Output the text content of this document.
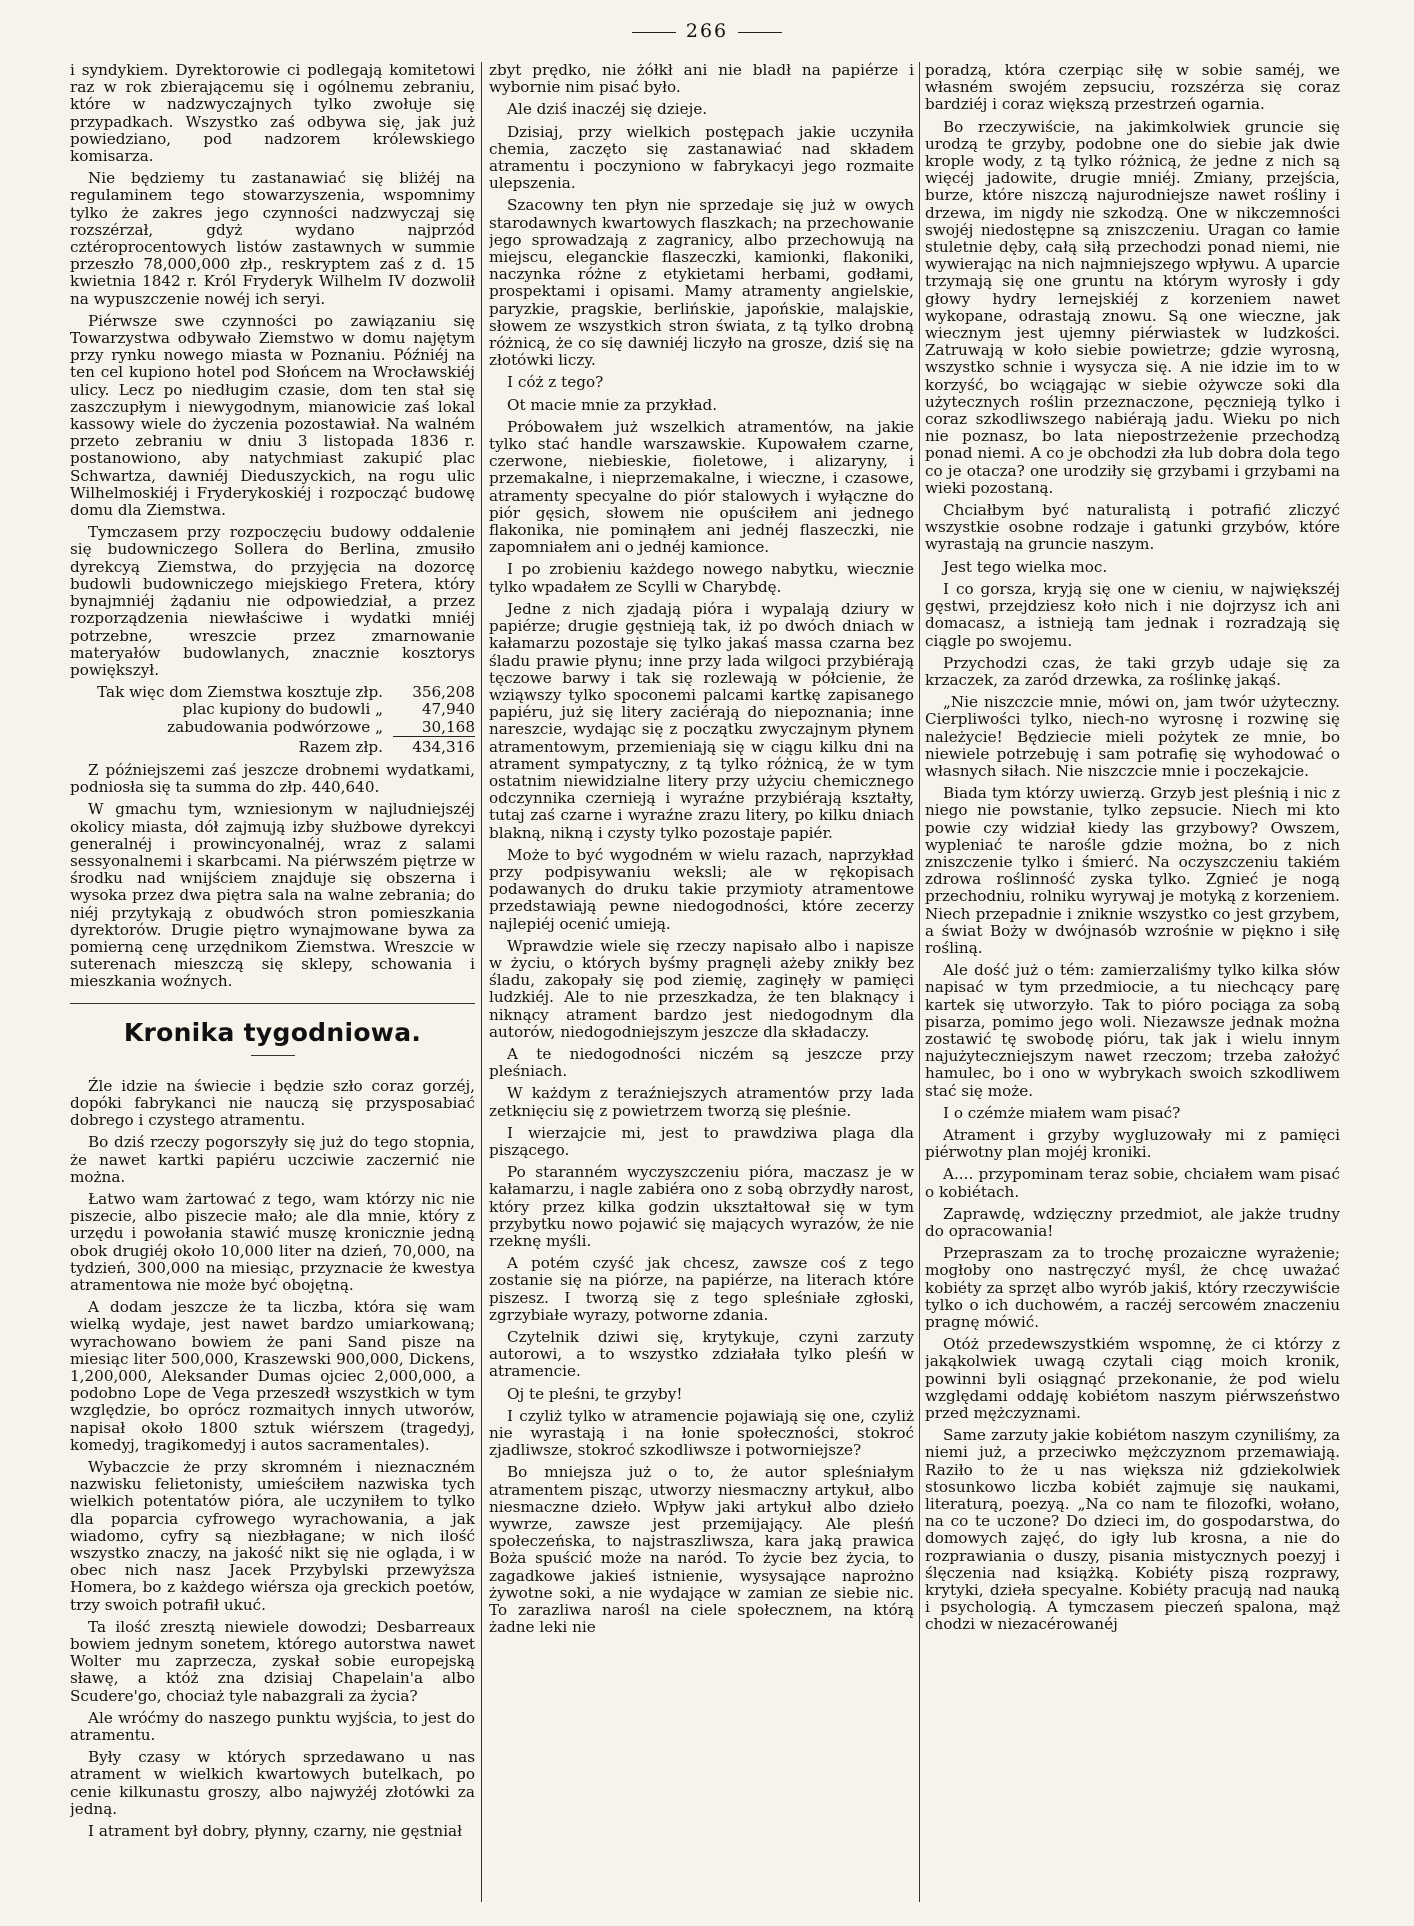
266

i syndykiem. Dyrektorowie ci podlegają komitetowi raz w rok zbierającemu się i ogólnemu zebraniu, które w nadzwyczajnych tylko zwołuje się przypadkach. Wszystko zaś odbywa się, jak już powiedziano, pod nadzorem królewskiego komisarza.

Nie będziemy tu zastanawiać się bliżéj na regulaminem tego stowarzyszenia, wspomnimy tylko że zakres jego czynności nadzwyczaj się rozszérzał, gdyż wydano najprzód cztéroprocentowych listów zastawnych w summie przeszło 78,000,000 złp., reskryptem zaś z d. 15 kwietnia 1842 r. Król Fryderyk Wilhelm IV dozwolił na wypuszczenie nowéj ich seryi.

Piérwsze swe czynności po zawiązaniu się Towarzystwa odbywało Ziemstwo w domu najętym przy rynku nowego miasta w Poznaniu. Późniéj na ten cel kupiono hotel pod Słońcem na Wrocławskiéj ulicy. Lecz po niedługim czasie, dom ten stał się zaszczupłym i niewygodnym, mianowicie zaś lokal kassowy wiele do życzenia pozostawiał. Na walném przeto zebraniu w dniu 3 listopada 1836 r. postanowiono, aby natychmiast zakupić plac Schwartza, dawniéj Dieduszyckich, na rogu ulic Wilhelmoskiéj i Fryderykoskiéj i rozpocząć budowę domu dla Ziemstwa.

Tymczasem przy rozpoczęciu budowy oddalenie się budowniczego Sollera do Berlina, zmusiło dyrekcyą Ziemstwa, do przyjęcia na dozorcę budowli budowniczego miejskiego Fretera, który bynajmniéj żądaniu nie odpowiedział, a przez rozporządzenia niewłaściwe i wydatki mniéj potrzebne, wreszcie przez zmarnowanie materyałów budowlanych, znacznie kosztorys powiększył.

Tak więc dom Ziemstwa kosztuje złp.	356,208
plac kupiony do budowli „	47,940
zabudowania podwórzowe „	30,168
Razem złp.	434,316

Z późniejszemi zaś jeszcze drobnemi wydatkami, podniosła się ta summa do złp. 440,640.

W gmachu tym, wzniesionym w najludniejszéj okolicy miasta, dół zajmują izby służbowe dyrekcyi generalnéj i prowincyonalnéj, wraz z salami sessyonalnemi i skarbcami. Na piérwszém piętrze w środku nad wnijściem znajduje się obszerna i wysoka przez dwa piętra sala na walne zebrania; do niéj przytykają z obudwóch stron pomieszkania dyrektorów. Drugie piętro wynajmowane bywa za pomierną cenę urzędnikom Ziemstwa. Wreszcie w suterenach mieszczą się sklepy, schowania i mieszkania woźnych.

Kronika tygodniowa.

Źle idzie na świecie i będzie szło coraz gorzéj, dopóki fabrykanci nie nauczą się przysposabiać dobrego i czystego atramentu.

Bo dziś rzeczy pogorszyły się już do tego stopnia, że nawet kartki papiéru uczciwie zaczernić nie można.

Łatwo wam żartować z tego, wam którzy nic nie piszecie, albo piszecie mało; ale dla mnie, który z urzędu i powołania stawić muszę kronicznie jedną obok drugiéj około 10,000 liter na dzień, 70,000, na tydzień, 300,000 na miesiąc, przyznacie że kwestya atramentowa nie może być obojętną.

A dodam jeszcze że ta liczba, która się wam wielką wydaje, jest nawet bardzo umiarkowaną; wyrachowano bowiem że pani Sand pisze na miesiąc liter 500,000, Kraszewski 900,000, Dickens, 1,200,000, Aleksander Dumas ojciec 2,000,000, a podobno Lope de Vega przeszedł wszystkich w tym względzie, bo oprócz rozmaitych innych utworów, napisał około 1800 sztuk wiérszem (tragedyj, komedyj, tragikomedyj i autos sacramentales).

Wybaczcie że przy skromném i nieznaczném nazwisku felietonisty, umieściłem nazwiska tych wielkich potentatów pióra, ale uczyniłem to tylko dla poparcia cyfrowego wyrachowania, a jak wiadomo, cyfry są niezbłagane; w nich ilość wszystko znaczy, na jakość nikt się nie ogląda, i w obec nich nasz Jacek Przybylski przewyższa Homera, bo z każdego wiérsza oja greckich poetów, trzy swoich potrafił ukuć.

Ta ilość zresztą niewiele dowodzi; Desbarreaux bowiem jednym sonetem, którego autorstwa nawet Wolter mu zaprzecza, zyskał sobie europejską sławę, a któż zna dzisiaj Chapelain'a albo Scudere'go, chociaż tyle nabazgrali za życia?

Ale wróćmy do naszego punktu wyjścia, to jest do atramentu.

Były czasy w których sprzedawano u nas atrament w wielkich kwartowych butelkach, po cenie kilkunastu groszy, albo najwyżéj złotówki za jedną.

I atrament był dobry, płynny, czarny, nie gęstniał

zbyt prędko, nie żółkł ani nie bladł na papiérze i wybornie nim pisać było.

Ale dziś inaczéj się dzieje.

Dzisiaj, przy wielkich postępach jakie uczyniła chemia, zaczęto się zastanawiać nad składem atramentu i poczyniono w fabrykacyi jego rozmaite ulepszenia.

Szacowny ten płyn nie sprzedaje się już w owych starodawnych kwartowych flaszkach; na przechowanie jego sprowadzają z zagranicy, albo przechowują na miejscu, eleganckie flaszeczki, kamionki, flakoniki, naczynka różne z etykietami herbami, godłami, prospektami i opisami. Mamy atramenty angielskie, paryzkie, pragskie, berlińskie, japońskie, malajskie, słowem ze wszystkich stron świata, z tą tylko drobną różnicą, że co się dawniéj liczyło na grosze, dziś się na złotówki liczy.

I cóż z tego?

Ot macie mnie za przykład.

Próbowałem już wszelkich atramentów, na jakie tylko stać handle warszawskie. Kupowałem czarne, czerwone, niebieskie, fioletowe, i alizaryny, i przemakalne, i nieprzemakalne, i wieczne, i czasowe, atramenty specyalne do piór stalowych i wyłączne do piór gęsich, słowem nie opuściłem ani jednego flakonika, nie pominąłem ani jednéj flaszeczki, nie zapomniałem ani o jednéj kamionce.

I po zrobieniu każdego nowego nabytku, wiecznie tylko wpadałem ze Scylli w Charybdę.

Jedne z nich zjadają pióra i wypalają dziury w papiérze; drugie gęstnieją tak, iż po dwóch dniach w kałamarzu pozostaje się tylko jakaś massa czarna bez śladu prawie płynu; inne przy lada wilgoci przybiérają tęczowe barwy i tak się rozlewają w półcienie, że wziąwszy tylko spoconemi palcami kartkę zapisanego papiéru, już się litery zaciérają do niepoznania; inne nareszcie, wydając się z początku zwyczajnym płynem atramentowym, przemieniają się w ciągu kilku dni na atrament sympatyczny, z tą tylko różnicą, że w tym ostatnim niewidzialne litery przy użyciu chemicznego odczynnika czernieją i wyraźne przybiérają kształty, tutaj zaś czarne i wyraźne zrazu litery, po kilku dniach blakną, nikną i czysty tylko pozostaje papiér.

Może to być wygodném w wielu razach, naprzykład przy podpisywaniu weksli; ale w rękopisach podawanych do druku takie przymioty atramentowe przedstawiają pewne niedogodności, które zecerzy najlepiéj ocenić umieją.

Wprawdzie wiele się rzeczy napisało albo i napisze w życiu, o których byśmy pragnęli ażeby znikły bez śladu, zakopały się pod ziemię, zaginęły w pamięci ludzkiéj. Ale to nie przeszkadza, że ten blaknący i niknący atrament bardzo jest niedogodnym dla autorów, niedogodniejszym jeszcze dla składaczy.

A te niedogodności niczém są jeszcze przy pleśniach.

W każdym z teraźniejszych atramentów przy lada zetknięciu się z powietrzem tworzą się pleśnie.

I wierzajcie mi, jest to prawdziwa plaga dla piszącego.

Po staranném wyczyszczeniu pióra, maczasz je w kałamarzu, i nagle zabiéra ono z sobą obrzydły narost, który przez kilka godzin ukształtował się w tym przybytku nowo pojawić się mających wyrazów, że nie rzeknę myśli.

A potém czyść jak chcesz, zawsze coś z tego zostanie się na piórze, na papiérze, na literach które piszesz. I tworzą się z tego spleśniałe zgłoski, zgrzybiałe wyrazy, potworne zdania.

Czytelnik dziwi się, krytykuje, czyni zarzuty autorowi, a to wszystko zdziałała tylko pleśń w atramencie.

Oj te pleśni, te grzyby!

I czyliż tylko w atramencie pojawiają się one, czyliż nie wyrastają i na łonie społeczności, stokroć zjadliwsze, stokroć szkodliwsze i potworniejsze?

Bo mniejsza już o to, że autor spleśniałym atramentem pisząc, utworzy niesmaczny artykuł, albo niesmaczne dzieło. Wpływ jaki artykuł albo dzieło wywrze, zawsze jest przemijający. Ale pleśń społeczeńska, to najstraszliwsza, kara jaką prawica Boża spuścić może na naród. To życie bez życia, to zagadkowe jakieś istnienie, wysysające naprożno żywotne soki, a nie wydające w zamian ze siebie nic. To zarazliwa narośl na ciele społecznem, na którą żadne leki nie

poradzą, która czerpiąc siłę w sobie saméj, we własném swojém zepsuciu, rozszérza się coraz bardziéj i coraz większą przestrzeń ogarnia.

Bo rzeczywiście, na jakimkolwiek gruncie się urodzą te grzyby, podobne one do siebie jak dwie krople wody, z tą tylko różnicą, że jedne z nich są więcéj jadowite, drugie mniéj. Zmiany, przejścia, burze, które niszczą najurodniejsze nawet rośliny i drzewa, im nigdy nie szkodzą. One w nikczemności swojéj niedostępne są zniszczeniu. Uragan co łamie stuletnie dęby, całą siłą przechodzi ponad niemi, nie wywierając na nich najmniejszego wpływu. A uparcie trzymają się one gruntu na którym wyrosły i gdy głowy hydry lernejskiéj z korzeniem nawet wykopane, odrastają znowu. Są one wieczne, jak wiecznym jest ujemny piérwiastek w ludzkości. Zatruwają w koło siebie powietrze; gdzie wyrosną, wszystko schnie i wysycza się. A nie idzie im to w korzyść, bo wciągając w siebie ożywcze soki dla użytecznych roślin przeznaczone, pęcznieją tylko i coraz szkodliwszego nabiérają jadu. Wieku po nich nie poznasz, bo lata niepostrzeżenie przechodzą ponad niemi. A co je obchodzi zła lub dobra dola tego co je otacza? one urodziły się grzybami i grzybami na wieki pozostaną.

Chciałbym być naturalistą i potrafić zliczyć wszystkie osobne rodzaje i gatunki grzybów, które wyrastają na gruncie naszym.

Jest tego wielka moc.

I co gorsza, kryją się one w cieniu, w największéj gęstwi, przejdziesz koło nich i nie dojrzysz ich ani domacasz, a istnieją tam jednak i rozradzają się ciągle po swojemu.

Przychodzi czas, że taki grzyb udaje się za krzaczek, za zaród drzewka, za roślinkę jakąś.

„Nie niszczcie mnie, mówi on, jam twór użyteczny. Cierpliwości tylko, niech-no wyrosnę i rozwinę się należycie! Będziecie mieli pożytek ze mnie, bo niewiele potrzebuję i sam potrafię się wyhodować o własnych siłach. Nie niszczcie mnie i poczekajcie.

Biada tym którzy uwierzą. Grzyb jest pleśnią i nic z niego nie powstanie, tylko zepsucie. Niech mi kto powie czy widział kiedy las grzybowy? Owszem, wypleniać te narośle gdzie można, bo z nich zniszczenie tylko i śmierć. Na oczyszczeniu takiém zdrowa roślinność zyska tylko. Zgnieć je nogą przechodniu, rolniku wyrywaj je motyką z korzeniem. Niech przepadnie i zniknie wszystko co jest grzybem, a świat Boży w dwójnasób wzrośnie w piękno i siłę rośliną.

Ale dość już o tém: zamierzaliśmy tylko kilka słów napisać w tym przedmiocie, a tu niechcący parę kartek się utworzyło. Tak to pióro pociąga za sobą pisarza, pomimo jego woli. Niezawsze jednak można zostawić tę swobodę pióru, tak jak i wielu innym najużyteczniejszym nawet rzeczom; trzeba założyć hamulec, bo i ono w wybrykach swoich szkodliwem stać się może.

I o czémże miałem wam pisać?

Atrament i grzyby wygluzowały mi z pamięci piérwotny plan mojéj kroniki.

A.... przypominam teraz sobie, chciałem wam pisać o kobiétach.

Zaprawdę, wdzięczny przedmiot, ale jakże trudny do opracowania!

Przepraszam za to trochę prozaiczne wyrażenie; mogłoby ono nastręczyć myśl, że chcę uważać kobiéty za sprzęt albo wyrób jakiś, który rzeczywiście tylko o ich duchowém, a raczéj sercowém znaczeniu pragnę mówić.

Otóż przedewszystkiém wspomnę, że ci którzy z jakąkolwiek uwagą czytali ciąg moich kronik, powinni byli osiągnąć przekonanie, że pod wielu względami oddaję kobiétom naszym piérwszeństwo przed mężczyznami.

Same zarzuty jakie kobiétom naszym czyniliśmy, za niemi już, a przeciwko mężczyznom przemawiają. Raziło to że u nas większa niż gdziekolwiek stosunkowo liczba kobiét zajmuje się naukami, literaturą, poezyą. „Na co nam te filozofki, wołano, na co te uczone? Do dzieci im, do gospodarstwa, do domowych zajęć, do igły lub krosna, a nie do rozprawiania o duszy, pisania mistycznych poezyj i ślęczenia nad książką. Kobiéty piszą rozprawy, krytyki, dzieła specyalne. Kobiéty pracują nad nauką i psychologią. A tymczasem pieczeń spalona, mąż chodzi w niezacérowanéj
